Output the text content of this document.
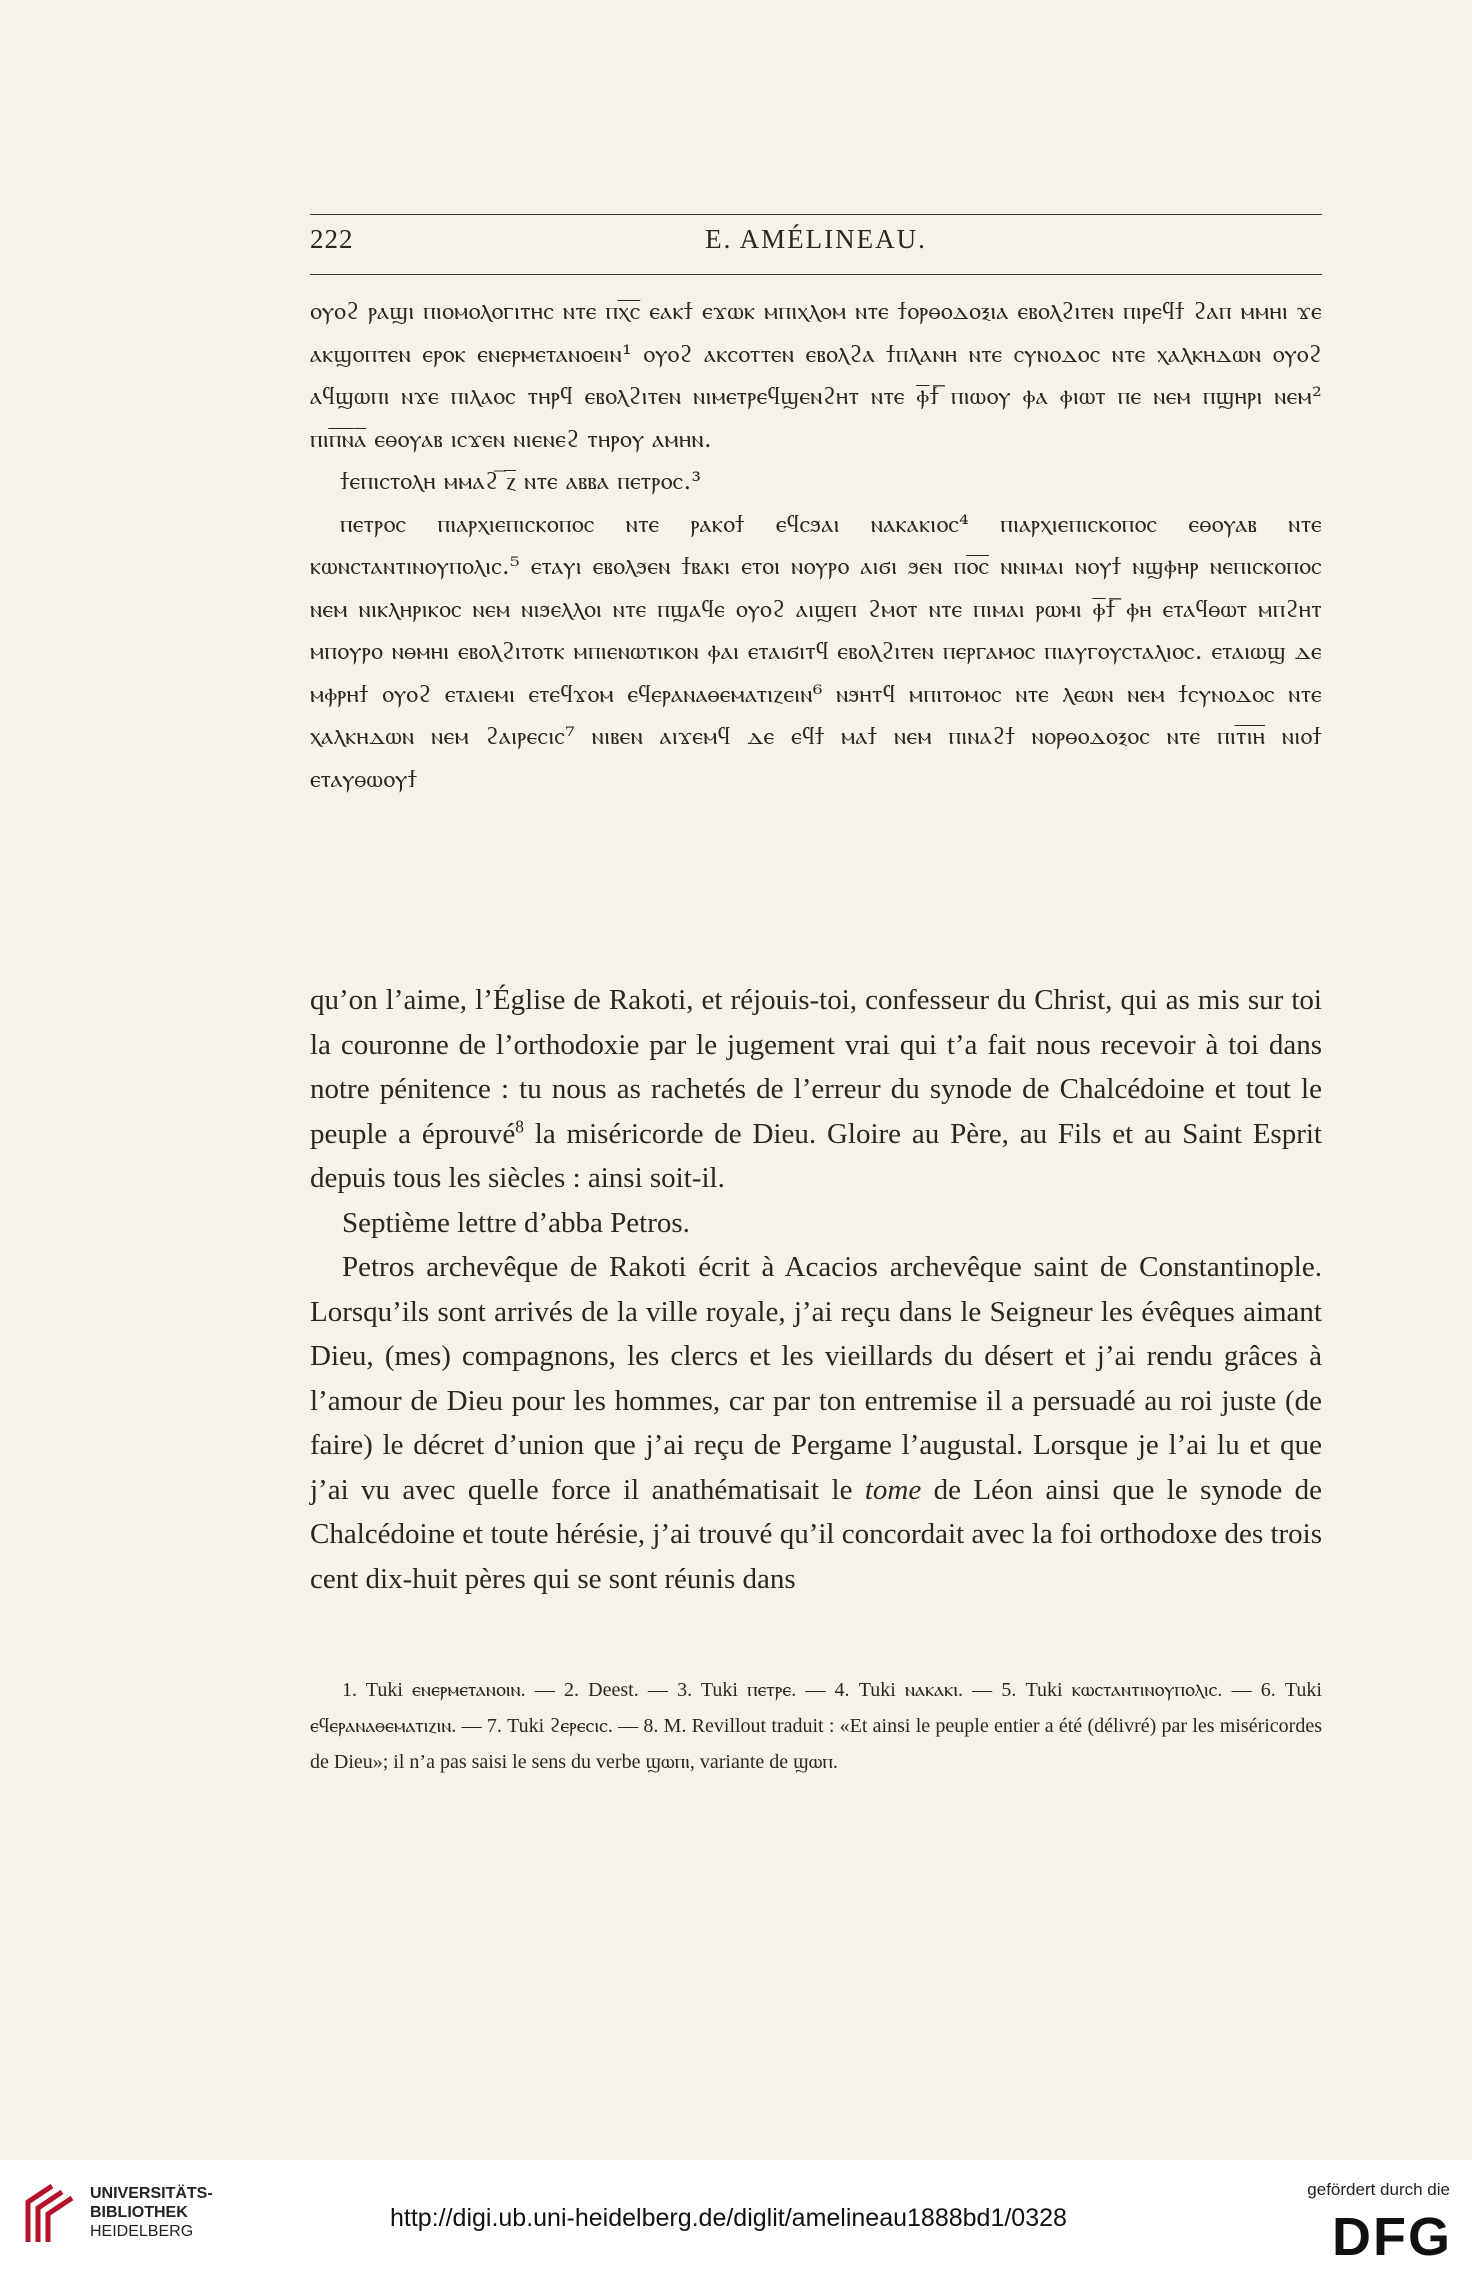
222	E. AMÉLINEAU.

ⲟⲩⲟϩ ⲣⲁϣⲓ ⲡⲓⲟⲙⲟⲗⲟⲅⲓⲧⲏⲥ ⲛⲧⲉ ⲡⲭ̅ⲥ̅ ⲉⲁⲕϯ ⲉϫⲱⲕ ⲙⲡⲓⲭⲗⲟⲙ ⲛⲧⲉ ϯⲟⲣⲑⲟⲇⲟⲝⲓⲁ ⲉⲃⲟⲗϩⲓⲧⲉⲛ ⲡⲓⲣⲉϥϯ ϩⲁⲡ ⲙⲙⲏⲓ ϫⲉ ⲁⲕϣⲟⲡⲧⲉⲛ ⲉⲣⲟⲕ ⲉⲛⲉⲣⲙⲉⲧⲁⲛⲟⲉⲓⲛ¹ ⲟⲩⲟϩ ⲁⲕⲥⲟⲧⲧⲉⲛ ⲉⲃⲟⲗϩⲁ ϯⲡⲗⲁⲛⲏ ⲛⲧⲉ ⲥⲩⲛⲟⲇⲟⲥ ⲛⲧⲉ ⲭⲁⲗⲕⲏⲇⲱⲛ ⲟⲩⲟϩ ⲁϥϣⲱⲡⲓ ⲛϫⲉ ⲡⲓⲗⲁⲟⲥ ⲧⲏⲣϥ ⲉⲃⲟⲗϩⲓⲧⲉⲛ ⲛⲓⲙⲉⲧⲣⲉϥϣⲉⲛϩⲏⲧ ⲛⲧⲉ ⲫ̅ϯ̅ ⲡⲓⲱⲟⲩ ⲫⲁ ⲫⲓⲱⲧ ⲡⲉ ⲛⲉⲙ ⲡϣⲏⲣⲓ ⲛⲉⲙ² ⲡⲓⲡ̅ⲛ̅ⲁ̅ ⲉⲑⲟⲩⲁⲃ ⲓⲥϫⲉⲛ ⲛⲓⲉⲛⲉϩ ⲧⲏⲣⲟⲩ ⲁⲙⲏⲛ.

ϯⲉⲡⲓⲥⲧⲟⲗⲏ ⲙⲙⲁϩ ̅ⲍ̅ ⲛⲧⲉ ⲁⲃⲃⲁ ⲡⲉⲧⲣⲟⲥ.³

ⲡⲉⲧⲣⲟⲥ ⲡⲓⲁⲣⲭⲓⲉⲡⲓⲥⲕⲟⲡⲟⲥ ⲛⲧⲉ ⲣⲁⲕⲟϯ ⲉϥⲥϧⲁⲓ ⲛⲁⲕⲁⲕⲓⲟⲥ⁴ ⲡⲓⲁⲣⲭⲓⲉⲡⲓⲥⲕⲟⲡⲟⲥ ⲉⲑⲟⲩⲁⲃ ⲛⲧⲉ ⲕⲱⲛⲥⲧⲁⲛⲧⲓⲛⲟⲩⲡⲟⲗⲓⲥ.⁵ ⲉⲧⲁⲩⲓ ⲉⲃⲟⲗϧⲉⲛ ϯⲃⲁⲕⲓ ⲉⲧⲟⲓ ⲛⲟⲩⲣⲟ ⲁⲓϭⲓ ϧⲉⲛ ⲡⲟ̅ⲥ̅ ⲛⲛⲓⲙⲁⲓ ⲛⲟⲩϯ ⲛϣⲫⲏⲣ ⲛⲉⲡⲓⲥⲕⲟⲡⲟⲥ ⲛⲉⲙ ⲛⲓⲕⲗⲏⲣⲓⲕⲟⲥ ⲛⲉⲙ ⲛⲓϧⲉⲗⲗⲟⲓ ⲛⲧⲉ ⲡϣⲁϥⲉ ⲟⲩⲟϩ ⲁⲓϣⲉⲡ ϩⲙⲟⲧ ⲛⲧⲉ ⲡⲓⲙⲁⲓ ⲣⲱⲙⲓ ⲫ̅ϯ̅ ⲫⲏ ⲉⲧⲁϥⲑⲱⲧ ⲙⲡϩⲏⲧ ⲙⲡⲟⲩⲣⲟ ⲛⲑⲙⲏⲓ ⲉⲃⲟⲗϩⲓⲧⲟⲧⲕ ⲙⲡⲓⲉⲛⲱⲧⲓⲕⲟⲛ ⲫⲁⲓ ⲉⲧⲁⲓϭⲓⲧϥ ⲉⲃⲟⲗϩⲓⲧⲉⲛ ⲡⲉⲣⲅⲁⲙⲟⲥ ⲡⲓⲁⲩⲅⲟⲩⲥⲧⲁⲗⲓⲟⲥ. ⲉⲧⲁⲓⲱϣ ⲇⲉ ⲙⲫⲣⲏϯ ⲟⲩⲟϩ ⲉⲧⲁⲓⲉⲙⲓ ⲉⲧⲉϥϫⲟⲙ ⲉϥⲉⲣⲁⲛⲁⲑⲉⲙⲁⲧⲓⲍⲉⲓⲛ⁶ ⲛϧⲏⲧϥ ⲙⲡⲓⲧⲟⲙⲟⲥ ⲛⲧⲉ ⲗⲉⲱⲛ ⲛⲉⲙ ϯⲥⲩⲛⲟⲇⲟⲥ ⲛⲧⲉ ⲭⲁⲗⲕⲏⲇⲱⲛ ⲛⲉⲙ ϩⲁⲓⲣⲉⲥⲓⲥ⁷ ⲛⲓⲃⲉⲛ ⲁⲓϫⲉⲙϥ ⲇⲉ ⲉϥϯ ⲙⲁϯ ⲛⲉⲙ ⲡⲓⲛⲁϩϯ ⲛⲟⲣⲑⲟⲇⲟⲝⲟⲥ ⲛⲧⲉ ⲡⲓⲧ̅ⲓ̅ⲏ̅ ⲛⲓⲟϯ ⲉⲧⲁⲩⲑⲱⲟⲩϯ

qu’on l’aime, l’Église de Rakoti, et réjouis-toi, confesseur du Christ, qui as mis sur toi la couronne de l’orthodoxie par le jugement vrai qui t’a fait nous recevoir à toi dans notre pénitence : tu nous as rachetés de l’erreur du synode de Chalcédoine et tout le peuple a éprouvé$^8$ la miséricorde de Dieu. Gloire au Père, au Fils et au Saint Esprit depuis tous les siècles : ainsi soit-il.

Septième lettre d’abba Petros.

Petros archevêque de Rakoti écrit à Acacios archevêque saint de Constantinople. Lorsqu’ils sont arrivés de la ville royale, j’ai reçu dans le Seigneur les évêques aimant Dieu, (mes) compagnons, les clercs et les vieillards du désert et j’ai rendu grâces à l’amour de Dieu pour les hommes, car par ton entremise il a persuadé au roi juste (de faire) le décret d’union que j’ai reçu de Pergame l’augustal. Lorsque je l’ai lu et que j’ai vu avec quelle force il anathématisait le tome de Léon ainsi que le synode de Chalcédoine et toute hérésie, j’ai trouvé qu’il concordait avec la foi orthodoxe des trois cent dix-huit pères qui se sont réunis dans

1. Tuki ⲉⲛⲉⲣⲙⲉⲧⲁⲛⲟⲓⲛ. — 2. Deest. — 3. Tuki ⲡⲉⲧⲣⲉ. — 4. Tuki ⲛⲁⲕⲁⲕⲓ. — 5. Tuki ⲕⲱⲥⲧⲁⲛⲧⲓⲛⲟⲩⲡⲟⲗⲓⲥ. — 6. Tuki ⲉϥⲉⲣⲁⲛⲁⲑⲉⲙⲁⲧⲓⲍⲓⲛ. — 7. Tuki ϩⲉⲣⲉⲥⲓⲥ. — 8. M. Revillout traduit : «Et ainsi le peuple entier a été (délivré) par les miséricordes de Dieu»; il n’a pas saisi le sens du verbe ϣⲱⲡⲓ, variante de ϣⲱⲡ.

UNIVERSITÄTS-
BIBLIOTHEK
HEIDELBERG	http://digi.ub.uni-heidelberg.de/diglit/amelineau1888bd1/0328
gefördert durch die
DFG
